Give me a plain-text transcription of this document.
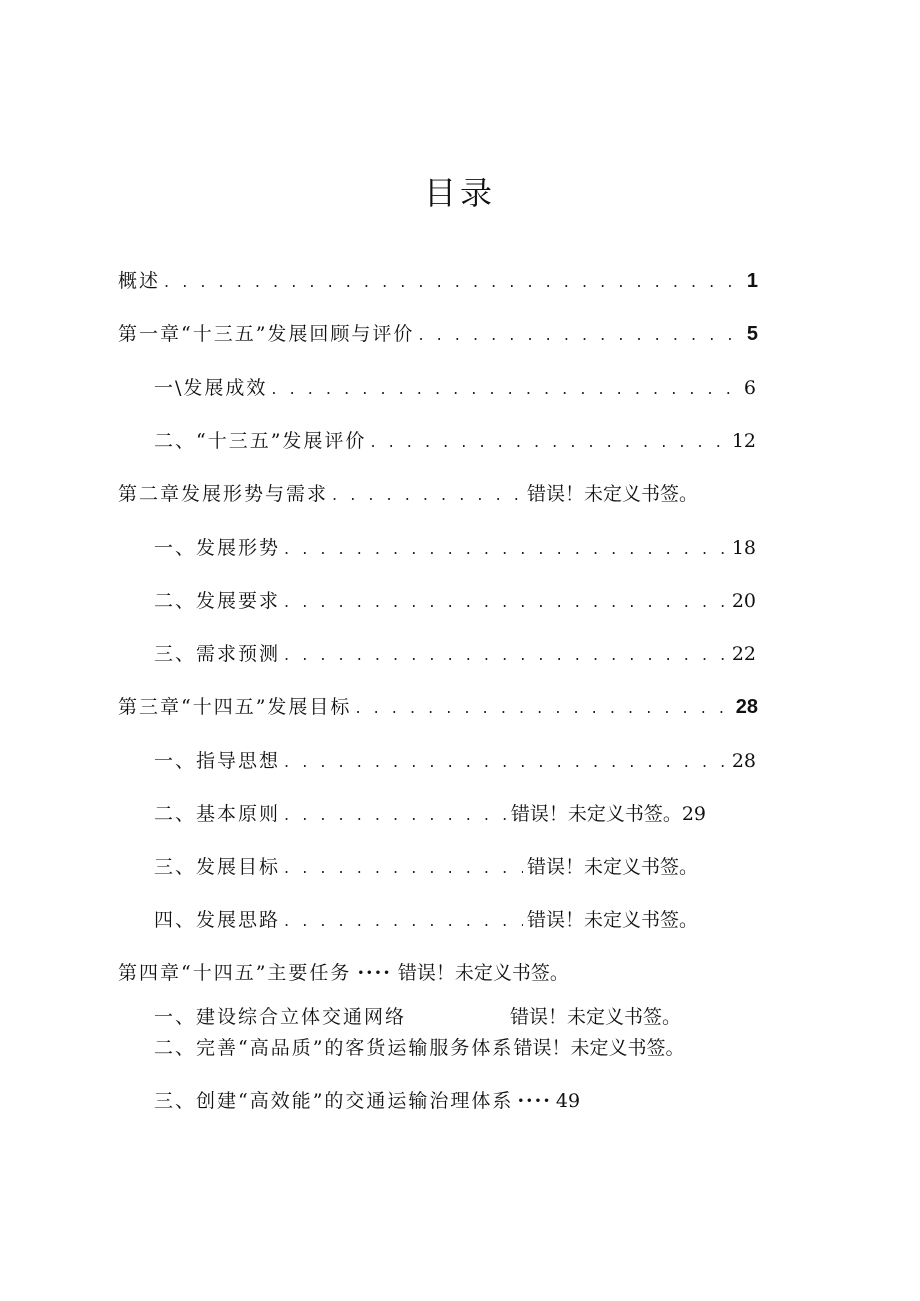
目录
概述 . . .	1
第一章“十三五”发展回顾与评价 . . .	5
一\发展成效 . . .	6
二、“十三五”发展评价 . . .	12
第二章发展形势与需求 . . .	错误！未定义书签。
一、发展形势 . . .	18
二、发展要求 . . .	20
三、需求预测 . . .	22
第三章“十四五”发展目标 . . .	28
一、指导思想 . . .	28
二、基本原则 . . .	错误！未定义书签。29
三、发展目标 . . .	错误！未定义书签。
四、发展思路 . . .	错误！未定义书签。
第四章“十四五”主要任务 ···· 错误！未定义书签。
一、建设综合立体交通网络	错误！未定义书签。
二、完善“高品质”的客货运输服务体系 错误！未定义书签。
三、创建“高效能”的交通运输治理体系 ···· 49
